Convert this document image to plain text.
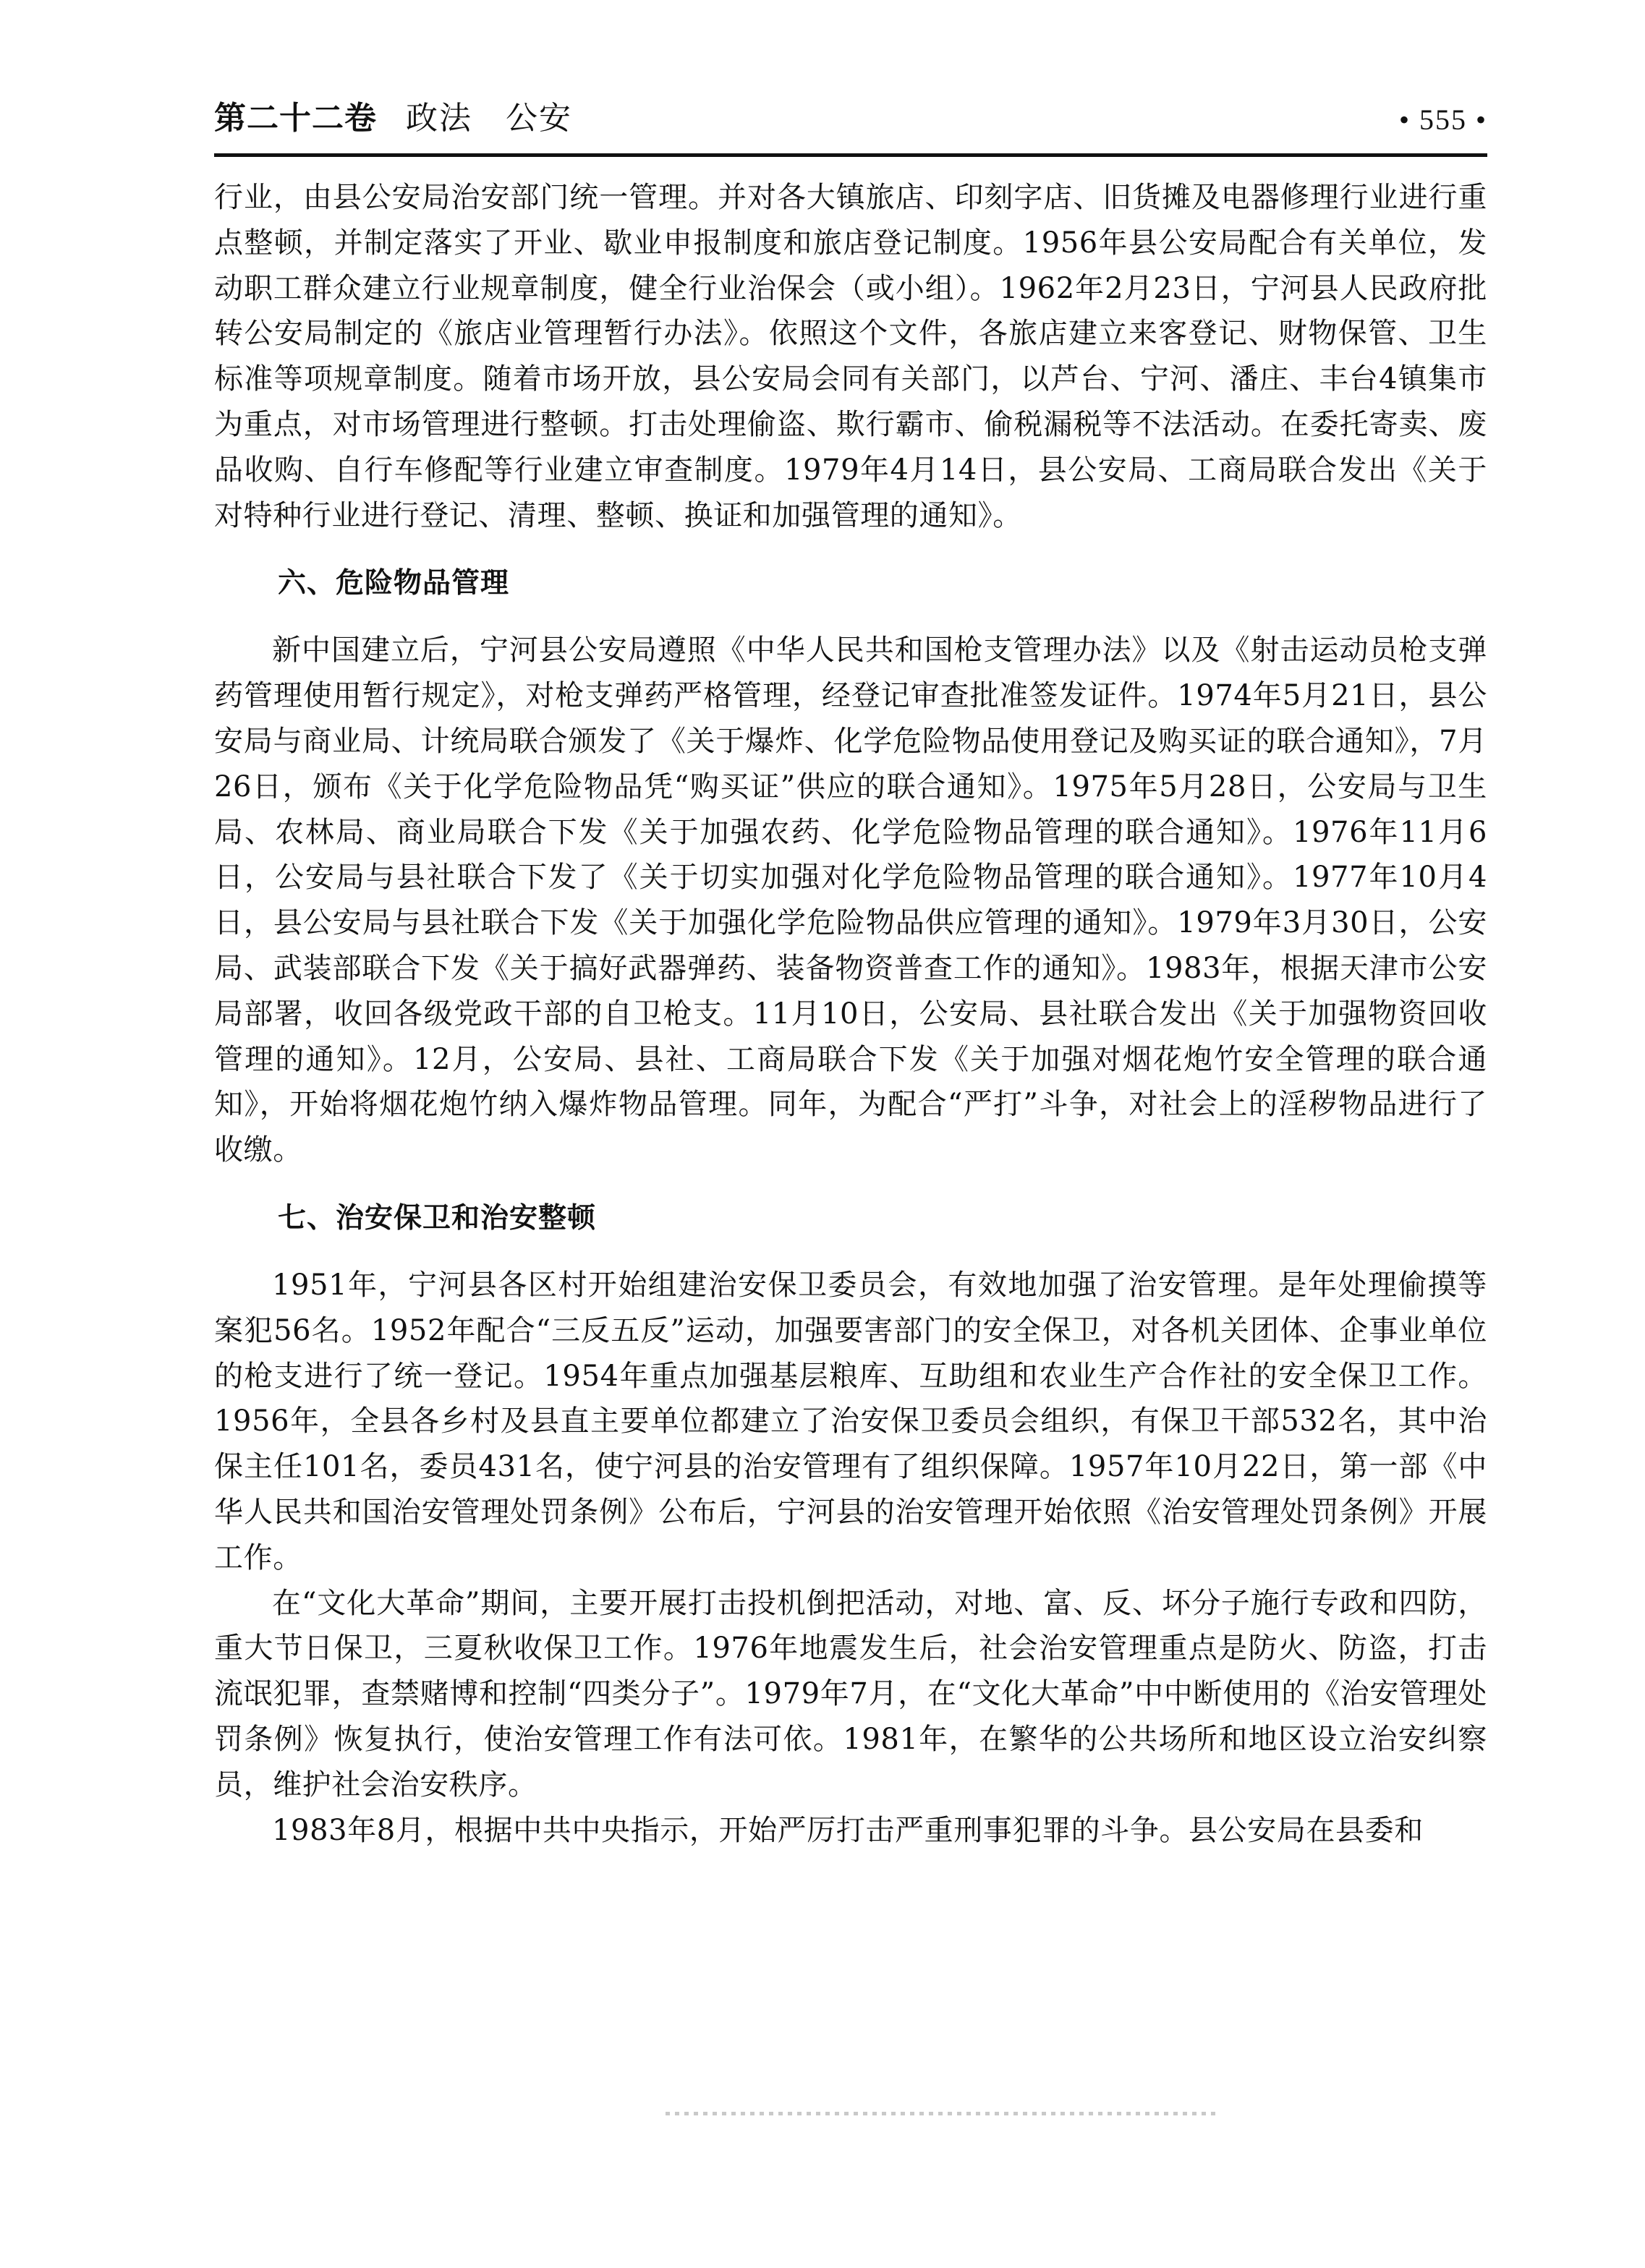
第二十二卷 政法　公安	• 555 •

行业，由县公安局治安部门统一管理。并对各大镇旅店、印刻字店、旧货摊及电器修理行业进行重点整顿，并制定落实了开业、歇业申报制度和旅店登记制度。1956年县公安局配合有关单位，发动职工群众建立行业规章制度，健全行业治保会（或小组）。1962年2月23日，宁河县人民政府批转公安局制定的《旅店业管理暂行办法》。依照这个文件，各旅店建立来客登记、财物保管、卫生标准等项规章制度。随着市场开放，县公安局会同有关部门，以芦台、宁河、潘庄、丰台4镇集市为重点，对市场管理进行整顿。打击处理偷盗、欺行霸市、偷税漏税等不法活动。在委托寄卖、废品收购、自行车修配等行业建立审查制度。1979年4月14日，县公安局、工商局联合发出《关于对特种行业进行登记、清理、整顿、换证和加强管理的通知》。

六、危险物品管理

新中国建立后，宁河县公安局遵照《中华人民共和国枪支管理办法》以及《射击运动员枪支弹药管理使用暂行规定》，对枪支弹药严格管理，经登记审查批准签发证件。1974年5月21日，县公安局与商业局、计统局联合颁发了《关于爆炸、化学危险物品使用登记及购买证的联合通知》，7月26日，颁布《关于化学危险物品凭“购买证”供应的联合通知》。1975年5月28日，公安局与卫生局、农林局、商业局联合下发《关于加强农药、化学危险物品管理的联合通知》。1976年11月6日，公安局与县社联合下发了《关于切实加强对化学危险物品管理的联合通知》。1977年10月4日，县公安局与县社联合下发《关于加强化学危险物品供应管理的通知》。1979年3月30日，公安局、武装部联合下发《关于搞好武器弹药、装备物资普查工作的通知》。1983年，根据天津市公安局部署，收回各级党政干部的自卫枪支。11月10日，公安局、县社联合发出《关于加强物资回收管理的通知》。12月，公安局、县社、工商局联合下发《关于加强对烟花炮竹安全管理的联合通知》，开始将烟花炮竹纳入爆炸物品管理。同年，为配合“严打”斗争，对社会上的淫秽物品进行了收缴。

七、治安保卫和治安整顿

1951年，宁河县各区村开始组建治安保卫委员会，有效地加强了治安管理。是年处理偷摸等案犯56名。1952年配合“三反五反”运动，加强要害部门的安全保卫，对各机关团体、企事业单位的枪支进行了统一登记。1954年重点加强基层粮库、互助组和农业生产合作社的安全保卫工作。1956年，全县各乡村及县直主要单位都建立了治安保卫委员会组织，有保卫干部532名，其中治保主任101名，委员431名，使宁河县的治安管理有了组织保障。1957年10月22日，第一部《中华人民共和国治安管理处罚条例》公布后，宁河县的治安管理开始依照《治安管理处罚条例》开展工作。

在“文化大革命”期间，主要开展打击投机倒把活动，对地、富、反、坏分子施行专政和四防，重大节日保卫，三夏秋收保卫工作。1976年地震发生后，社会治安管理重点是防火、防盗，打击流氓犯罪，查禁赌博和控制“四类分子”。1979年7月，在“文化大革命”中中断使用的《治安管理处罚条例》恢复执行，使治安管理工作有法可依。1981年，在繁华的公共场所和地区设立治安纠察员，维护社会治安秩序。

1983年8月，根据中共中央指示，开始严厉打击严重刑事犯罪的斗争。县公安局在县委和
